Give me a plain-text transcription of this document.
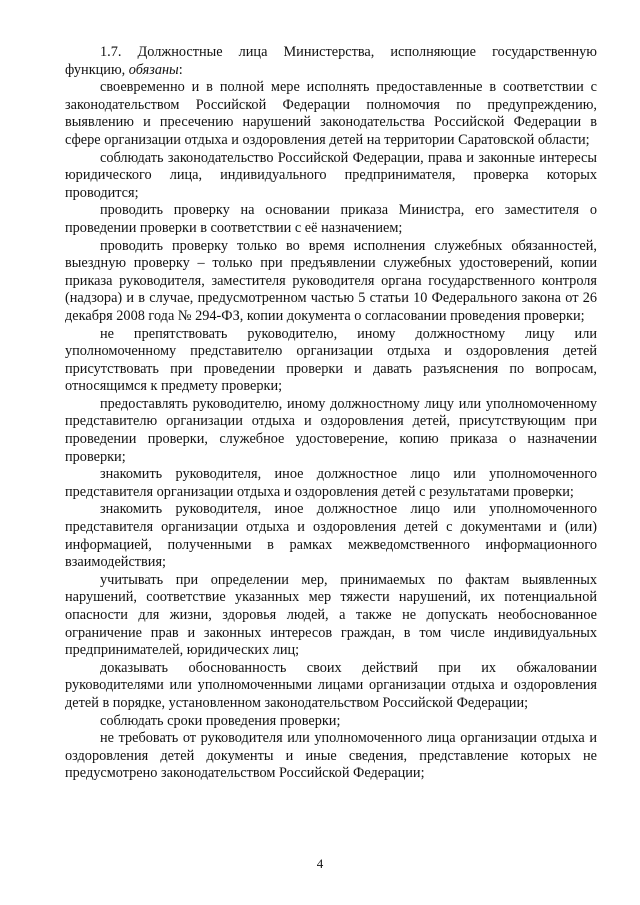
1.7. Должностные лица Министерства, исполняющие государственную функцию, обязаны:

своевременно и в полной мере исполнять предоставленные в соответствии с законодательством Российской Федерации полномочия по предупреждению, выявлению и пресечению нарушений законодательства Российской Федерации в сфере организации отдыха и оздоровления детей на территории Саратовской области;

соблюдать законодательство Российской Федерации, права и законные интересы юридического лица, индивидуального предпринимателя, проверка которых проводится;

проводить проверку на основании приказа Министра, его заместителя о проведении проверки в соответствии с её назначением;

проводить проверку только во время исполнения служебных обязанностей, выездную проверку – только при предъявлении служебных удостоверений, копии приказа руководителя, заместителя руководителя органа государственного контроля (надзора) и в случае, предусмотренном частью 5 статьи 10 Федерального закона от 26 декабря 2008 года № 294-ФЗ, копии документа о согласовании проведения проверки;

не препятствовать руководителю, иному должностному лицу или уполномоченному представителю организации отдыха и оздоровления детей присутствовать при проведении проверки и давать разъяснения по вопросам, относящимся к предмету проверки;

предоставлять руководителю, иному должностному лицу или уполномоченному представителю организации отдыха и оздоровления детей, присутствующим при проведении проверки, служебное удостоверение, копию приказа о назначении проверки;

знакомить руководителя, иное должностное лицо или уполномоченного представителя организации отдыха и оздоровления детей с результатами проверки;

знакомить руководителя, иное должностное лицо или уполномоченного представителя организации отдыха и оздоровления детей с документами и (или) информацией, полученными в рамках межведомственного информационного взаимодействия;

учитывать при определении мер, принимаемых по фактам выявленных нарушений, соответствие указанных мер тяжести нарушений, их потенциальной опасности для жизни, здоровья людей, а также не допускать необоснованное ограничение прав и законных интересов граждан, в том числе индивидуальных предпринимателей, юридических лиц;

доказывать обоснованность своих действий при их обжаловании руководителями или уполномоченными лицами организации отдыха и оздоровления детей в порядке, установленном законодательством Российской Федерации;

соблюдать сроки проведения проверки;

не требовать от руководителя или уполномоченного лица организации отдыха и оздоровления детей документы и иные сведения, представление которых не предусмотрено законодательством Российской Федерации;

4
